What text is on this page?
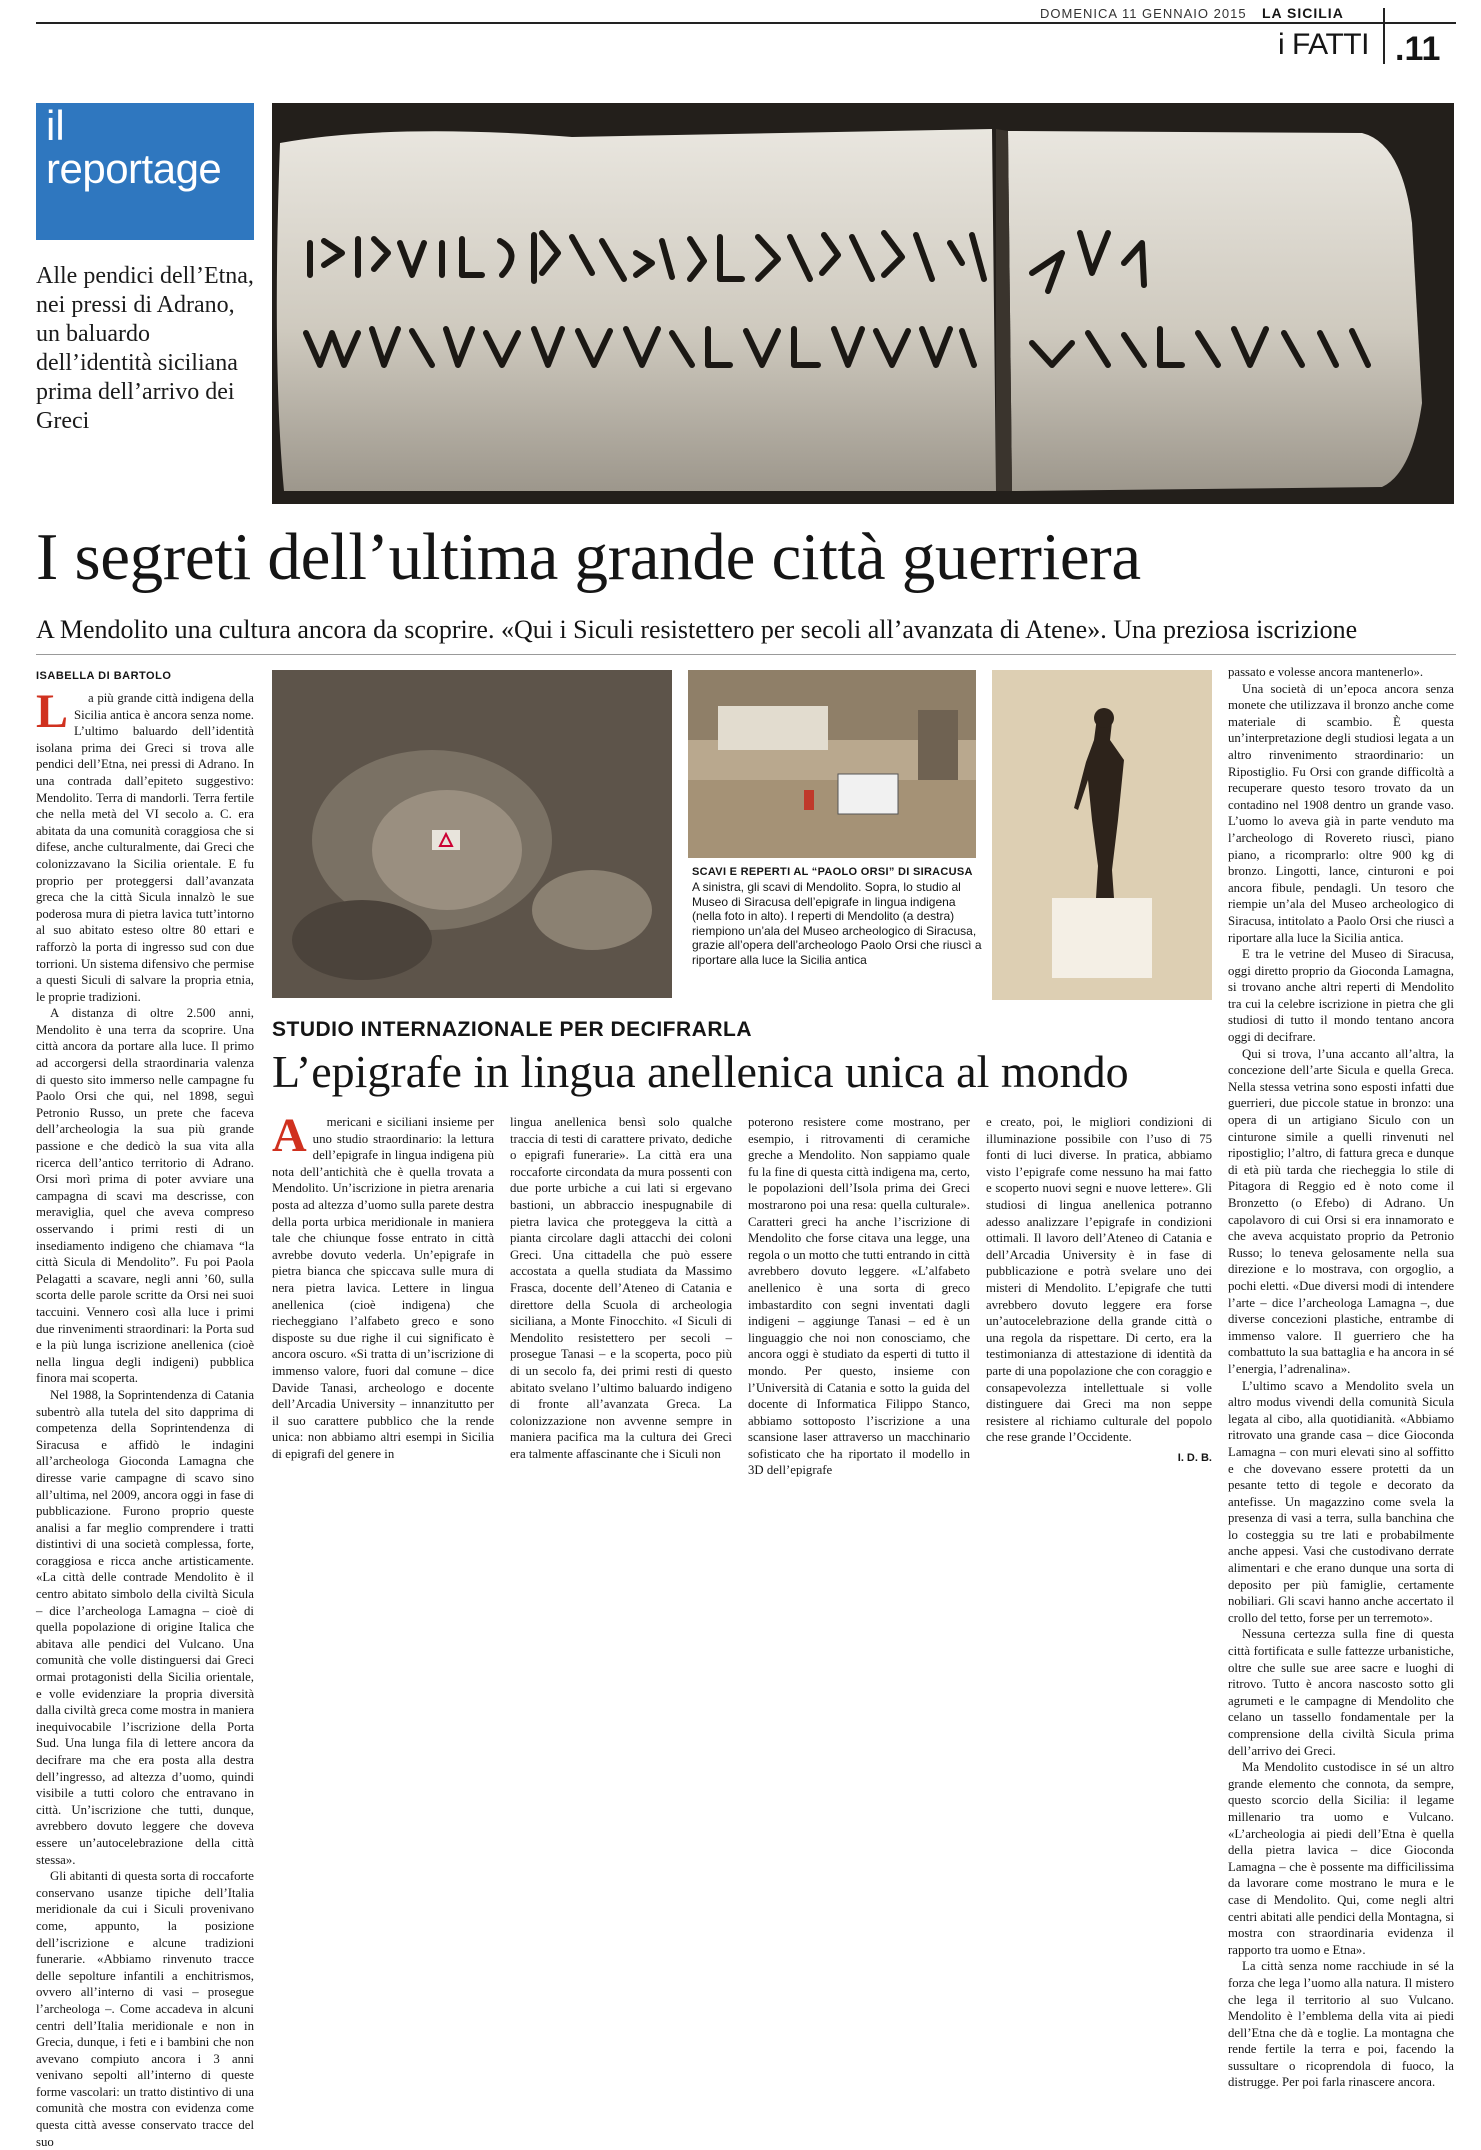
DOMENICA 11 GENNAIO 2015 LA SICILIA
i FATTI .11
il
reportage
Alle pendici dell’Etna, nei pressi di Adrano, un baluardo dell’identità siciliana prima dell’arrivo dei Greci
I segreti dell’ultima grande città guerriera
A Mendolito una cultura ancora da scoprire. «Qui i Siculi resistettero per secoli all’avanzata di Atene». Una preziosa iscrizione
ISABELLA DI BARTOLO
L	a più grande città indigena della Sicilia antica è ancora senza nome. L’ultimo baluardo dell’identità isolana prima dei Greci si trova alle pendici dell’Etna, nei pressi di Adrano. In una contrada dall’epiteto suggestivo: Mendolito. Terra di mandorli. Terra fertile che nella metà del VI secolo a. C. era abitata da una comunità coraggiosa che si difese, anche culturalmente, dai Greci che colonizzavano la Sicilia orientale. E fu proprio per proteggersi dall’avanzata greca che la città Sicula innalzò le sue poderosa mura di pietra lavica tutt’intorno al suo abitato esteso oltre 80 ettari e rafforzò la porta di ingresso sud con due torrioni. Un sistema difensivo che permise a questi Siculi di salvare la propria etnia, le proprie tradizioni.

A distanza di oltre 2.500 anni, Mendolito è una terra da scoprire. Una città ancora da portare alla luce. Il primo ad accorgersi della straordinaria valenza di questo sito immerso nelle campagne fu Paolo Orsi che qui, nel 1898, seguì Petronio Russo, un prete che faceva dell’archeologia la sua più grande passione e che dedicò la sua vita alla ricerca dell’antico territorio di Adrano. Orsi morì prima di poter avviare una campagna di scavi ma descrisse, con meraviglia, quel che aveva compreso osservando i primi resti di un insediamento indigeno che chiamava “la città Sicula di Mendolito”. Fu poi Paola Pelagatti a scavare, negli anni ’60, sulla scorta delle parole scritte da Orsi nei suoi taccuini. Vennero così alla luce i primi due rinvenimenti straordinari: la Porta sud e la più lunga iscrizione anellenica (cioè nella lingua degli indigeni) pubblica finora mai scoperta.

Nel 1988, la Soprintendenza di Catania subentrò alla tutela del sito dapprima di competenza della Soprintendenza di Siracusa e affidò le indagini all’archeologa Gioconda Lamagna che diresse varie campagne di scavo sino all’ultima, nel 2009, ancora oggi in fase di pubblicazione. Furono proprio queste analisi a far meglio comprendere i tratti distintivi di una società complessa, forte, coraggiosa e ricca anche artisticamente. «La città delle contrade Mendolito è il centro abitato simbolo della civiltà Sicula – dice l’archeologa Lamagna – cioè di quella popolazione di origine Italica che abitava alle pendici del Vulcano. Una comunità che volle distinguersi dai Greci ormai protagonisti della Sicilia orientale, e volle evidenziare la propria diversità dalla civiltà greca come mostra in maniera inequivocabile l’iscrizione della Porta Sud. Una lunga fila di lettere ancora da decifrare ma che era posta alla destra dell’ingresso, ad altezza d’uomo, quindi visibile a tutti coloro che entravano in città. Un’iscrizione che tutti, dunque, avrebbero dovuto leggere che doveva essere un’autocelebrazione della città stessa».

Gli abitanti di questa sorta di roccaforte conservano usanze tipiche dell’Italia meridionale da cui i Siculi provenivano come, appunto, la posizione dell’iscrizione e alcune tradizioni funerarie. «Abbiamo rinvenuto tracce delle sepolture infantili a enchitrismos, ovvero all’interno di vasi – prosegue l’archeologa –. Come accadeva in alcuni centri dell’Italia meridionale e non in Grecia, dunque, i feti e i bambini che non avevano compiuto ancora i 3 anni venivano sepolti all’interno di queste forme vascolari: un tratto distintivo di una comunità che mostra con evidenza come questa città avesse conservato tracce del suo

SCAVI E REPERTI AL “PAOLO ORSI” DI SIRACUSA
A sinistra, gli scavi di Mendolito. Sopra, lo studio al Museo di Siracusa dell’epigrafe in lingua indigena (nella foto in alto). I reperti di Mendolito (a destra) riempiono un’ala del Museo archeologico di Siracusa, grazie all’opera dell’archeologo Paolo Orsi che riuscì a riportare alla luce la Sicilia antica
STUDIO INTERNAZIONALE PER DECIFRARLA
L’epigrafe in lingua anellenica unica al mondo
A	mericani e siciliani insieme per uno studio straordinario: la lettura dell’epigrafe in lingua indigena più nota dell’antichità che è quella trovata a Mendolito. Un’iscrizione in pietra arenaria posta ad altezza d’uomo sulla parete destra della porta urbica meridionale in maniera tale che chiunque fosse entrato in città avrebbe dovuto vederla. Un’epigrafe in pietra bianca che spiccava sulle mura di nera pietra lavica. Lettere in lingua anellenica (cioè indigena) che riecheggiano l’alfabeto greco e sono disposte su due righe il cui significato è ancora oscuro. «Si tratta di un’iscrizione di immenso valore, fuori dal comune – dice Davide Tanasi, archeologo e docente dell’Arcadia University – innanzitutto per il suo carattere pubblico che la rende unica: non abbiamo altri esempi in Sicilia di epigrafi del genere in

lingua anellenica bensì solo qualche traccia di testi di carattere privato, dediche o epigrafi funerarie». La città era una roccaforte circondata da mura possenti con due porte urbiche a cui lati si ergevano bastioni, un abbraccio inespugnabile di pietra lavica che proteggeva la città a pianta circolare dagli attacchi dei coloni Greci. Una cittadella che può essere accostata a quella studiata da Massimo Frasca, docente dell’Ateneo di Catania e direttore della Scuola di archeologia siciliana, a Monte Finocchito. «I Siculi di Mendolito resistettero per secoli – prosegue Tanasi – e la scoperta, poco più di un secolo fa, dei primi resti di questo abitato svelano l’ultimo baluardo indigeno di fronte all’avanzata Greca. La colonizzazione non avvenne sempre in maniera pacifica ma la cultura dei Greci era talmente affascinante che i Siculi non

poterono resistere come mostrano, per esempio, i ritrovamenti di ceramiche greche a Mendolito. Non sappiamo quale fu la fine di questa città indigena ma, certo, le popolazioni dell’Isola prima dei Greci mostrarono poi una resa: quella culturale». Caratteri greci ha anche l’iscrizione di Mendolito che forse citava una legge, una regola o un motto che tutti entrando in città avrebbero dovuto leggere. «L’alfabeto anellenico è una sorta di greco imbastardito con segni inventati dagli indigeni – aggiunge Tanasi – ed è un linguaggio che noi non conosciamo, che ancora oggi è studiato da esperti di tutto il mondo. Per questo, insieme con l’Università di Catania e sotto la guida del docente di Informatica Filippo Stanco, abbiamo sottoposto l’iscrizione a una scansione laser attraverso un macchinario sofisticato che ha riportato il modello in 3D dell’epigrafe

e creato, poi, le migliori condizioni di illuminazione possibile con l’uso di 75 fonti di luci diverse. In pratica, abbiamo visto l’epigrafe come nessuno ha mai fatto e scoperto nuovi segni e nuove lettere». Gli studiosi di lingua anellenica potranno adesso analizzare l’epigrafe in condizioni ottimali. Il lavoro dell’Ateneo di Catania e dell’Arcadia University è in fase di pubblicazione e potrà svelare uno dei misteri di Mendolito. L’epigrafe che tutti avrebbero dovuto leggere era forse un’autocelebrazione della grande città o una regola da rispettare. Di certo, era la testimonianza di attestazione di identità da parte di una popolazione che con coraggio e consapevolezza intellettuale si volle distinguere dai Greci ma non seppe resistere al richiamo culturale del popolo che rese grande l’Occidente.

I. D. B.

passato e volesse ancora mantenerlo».

Una società di un’epoca ancora senza monete che utilizzava il bronzo anche come materiale di scambio. È questa un’interpretazione degli studiosi legata a un altro rinvenimento straordinario: un Ripostiglio. Fu Orsi con grande difficoltà a recuperare questo tesoro trovato da un contadino nel 1908 dentro un grande vaso. L’uomo lo aveva già in parte venduto ma l’archeologo di Rovereto riuscì, piano piano, a ricomprarlo: oltre 900 kg di bronzo. Lingotti, lance, cinturoni e poi ancora fibule, pendagli. Un tesoro che riempie un’ala del Museo archeologico di Siracusa, intitolato a Paolo Orsi che riuscì a riportare alla luce la Sicilia antica.

E tra le vetrine del Museo di Siracusa, oggi diretto proprio da Gioconda Lamagna, si trovano anche altri reperti di Mendolito tra cui la celebre iscrizione in pietra che gli studiosi di tutto il mondo tentano ancora oggi di decifrare.

Qui si trova, l’una accanto all’altra, la concezione dell’arte Sicula e quella Greca. Nella stessa vetrina sono esposti infatti due guerrieri, due piccole statue in bronzo: una opera di un artigiano Siculo con un cinturone simile a quelli rinvenuti nel ripostiglio; l’altro, di fattura greca e dunque di età più tarda che riecheggia lo stile di Pitagora di Reggio ed è noto come il Bronzetto (o Efebo) di Adrano. Un capolavoro di cui Orsi si era innamorato e che aveva acquistato proprio da Petronio Russo; lo teneva gelosamente nella sua direzione e lo mostrava, con orgoglio, a pochi eletti. «Due diversi modi di intendere l’arte – dice l’archeologa Lamagna –, due diverse concezioni plastiche, entrambe di immenso valore. Il guerriero che ha combattuto la sua battaglia e ha ancora in sé l’energia, l’adrenalina».

L’ultimo scavo a Mendolito svela un altro modus vivendi della comunità Sicula legata al cibo, alla quotidianità. «Abbiamo ritrovato una grande casa – dice Gioconda Lamagna – con muri elevati sino al soffitto e che dovevano essere protetti da un pesante tetto di tegole e decorato da antefisse. Un magazzino come svela la presenza di vasi a terra, sulla banchina che lo costeggia su tre lati e probabilmente anche appesi. Vasi che custodivano derrate alimentari e che erano dunque una sorta di deposito per più famiglie, certamente nobiliari. Gli scavi hanno anche accertato il crollo del tetto, forse per un terremoto».

Nessuna certezza sulla fine di questa città fortificata e sulle fattezze urbanistiche, oltre che sulle sue aree sacre e luoghi di ritrovo. Tutto è ancora nascosto sotto gli agrumeti e le campagne di Mendolito che celano un tassello fondamentale per la comprensione della civiltà Sicula prima dell’arrivo dei Greci.

Ma Mendolito custodisce in sé un altro grande elemento che connota, da sempre, questo scorcio della Sicilia: il legame millenario tra uomo e Vulcano. «L’archeologia ai piedi dell’Etna è quella della pietra lavica – dice Gioconda Lamagna – che è possente ma difficilissima da lavorare come mostrano le mura e le case di Mendolito. Qui, come negli altri centri abitati alle pendici della Montagna, si mostra con straordinaria evidenza il rapporto tra uomo e Etna».

La città senza nome racchiude in sé la forza che lega l’uomo alla natura. Il mistero che lega il territorio al suo Vulcano. Mendolito è l’emblema della vita ai piedi dell’Etna che dà e toglie. La montagna che rende fertile la terra e poi, facendo la sussultare o ricoprendola di fuoco, la distrugge. Per poi farla rinascere ancora.
